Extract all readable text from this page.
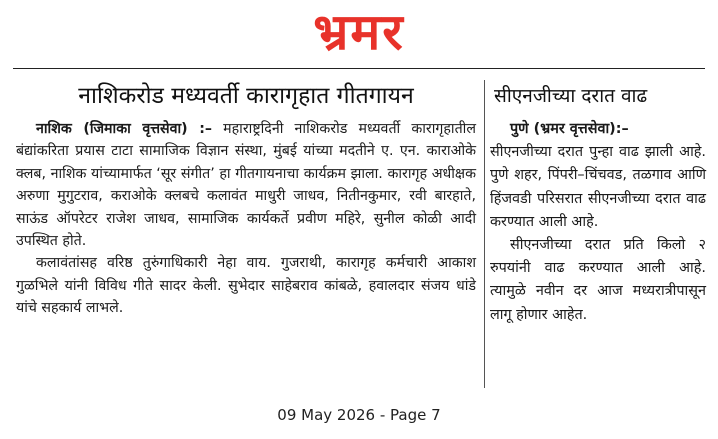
भ्रमर
नाशिकरोड मध्यवर्ती कारागृहात गीतगायन

नाशिक (जिमाका वृत्तसेवा) :– महाराष्ट्रदिनी नाशिकरोड मध्यवर्ती कारागृहातील बंद्यांकरिता प्रयास टाटा सामाजिक विज्ञान संस्था, मुंबई यांच्या मदतीने ए. एन. काराओके क्लब, नाशिक यांच्यामार्फत ‘सूर संगीत’ हा गीतगायनाचा कार्यक्रम झाला. कारागृह अधीक्षक अरुणा मुगुटराव, कराओके क्लबचे कलावंत माधुरी जाधव, नितीनकुमार, रवी बारहाते, साऊंड ऑपरेटर राजेश जाधव, सामाजिक कार्यकर्ते प्रवीण महिरे, सुनील कोळी आदी उपस्थित होते.

कलावंतांसह वरिष्ठ तुरुंगाधिकारी नेहा वाय. गुजराथी, कारागृह कर्मचारी आकाश गुळभिले यांनी विविध गीते सादर केली. सुभेदार साहेबराव कांबळे, हवालदार संजय धांडे यांचे सहकार्य लाभले.

सीएनजीच्या दरात वाढ

पुणे (भ्रमर वृत्तसेवा):–
सीएनजीच्या दरात पुन्हा वाढ झाली आहे. पुणे शहर, पिंपरी–चिंचवड, तळगाव आणि हिंजवडी परिसरात सीएनजीच्या दरात वाढ करण्यात आली आहे.

सीएनजीच्या दरात प्रति किलो २ रुपयांनी वाढ करण्यात आली आहे. त्यामुळे नवीन दर आज मध्यरात्रीपासून लागू होणार आहेत.

09 May 2026 - Page 7
